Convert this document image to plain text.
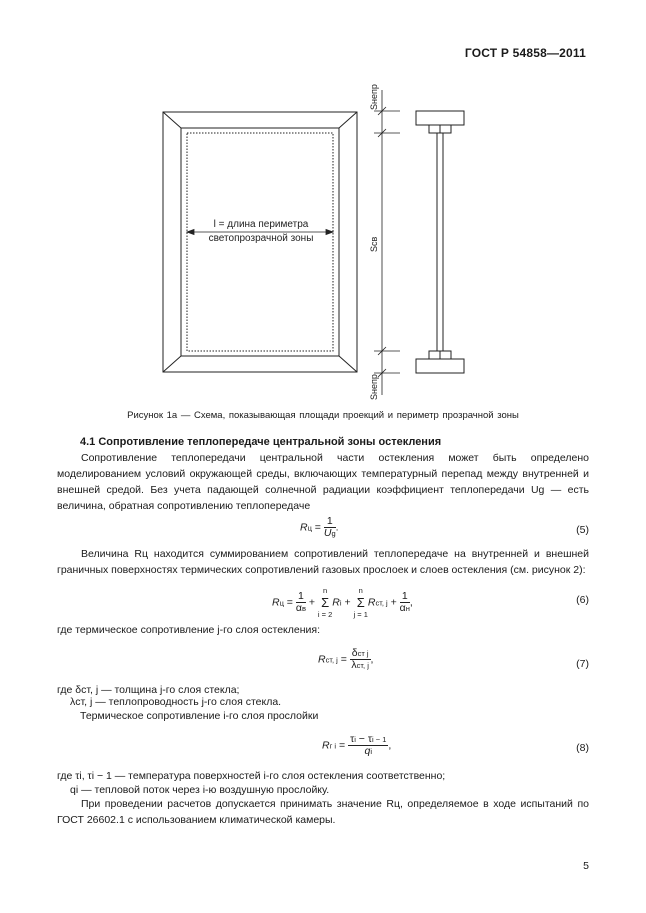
ГОСТ Р 54858—2011
l = длина периметра
светопрозрачной зоны
Sнепр
Sсв
Sнепр
Рисунок 1а — Схема, показывающая площади проекций и периметр прозрачной зоны
4.1 Сопротивление теплопередаче центральной зоны остекления
Сопротивление теплопередачи центральной части остекления может быть определено моделированием условий окружающей среды, включающих температурный перепад между внутренней и внешней средой. Без учета падающей солнечной радиации коэффициент теплопередачи Ug — есть величина, обратная сопротивлению теплопередаче
Rц = $\frac{1}{Ug}$ .	(5)
Величина Rц находится суммированием сопротивлений теплопередаче на внутренней и внешней граничных поверхностях термических сопротивлений газовых прослоек и слоев остекления (см. рисунок 2):
Rц = $\frac{1}{\alpha в}$ +
n
Σ
i = 2
Ri +
n
Σ
j = 1
Rст, $j + \frac{1}{\alpha н}$ ,	(6)
где термическое сопротивление j-го слоя остекления:
Rст, $j = \frac{\text{δст j}}{\text{λст, j}}$ ,	(7)
где δст, j — толщина j-го слоя стекла;
λст, j — теплопроводность j-го слоя стекла.
Термическое сопротивление i-го слоя прослойки
Rг $i = \frac{\tau i - \tau i - 1}{qi}$ ,	(8)
где τi, τi − 1 — температура поверхностей i-го слоя остекления соответственно;
qi — тепловой поток через i-ю воздушную прослойку.
При проведении расчетов допускается принимать значение Rц, определяемое в ходе испытаний по ГОСТ 26602.1 с использованием климатической камеры.
5
